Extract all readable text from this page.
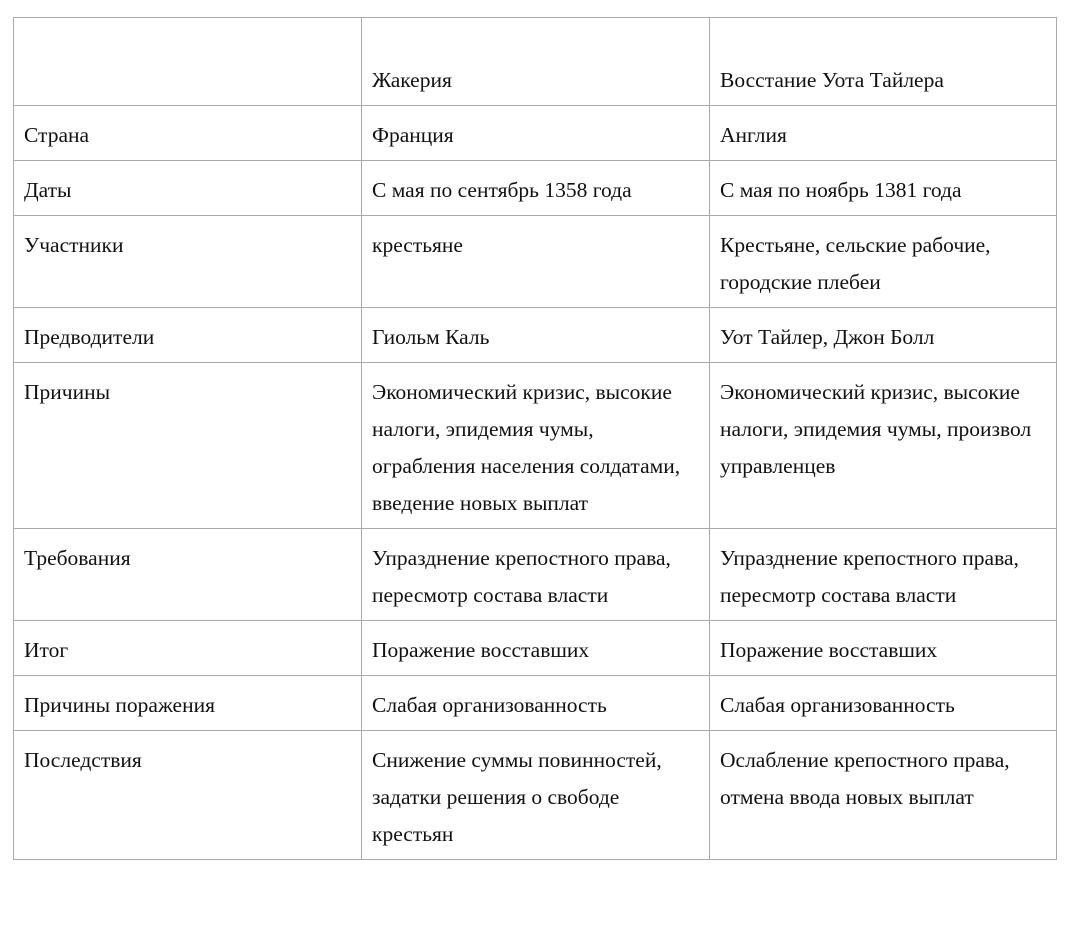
	Жакерия	Восстание Уота Тайлера
Страна	Франция	Англия
Даты	С мая по сентябрь 1358 года	С мая по ноябрь 1381 года
Участники	крестьяне	Крестьяне, сельские рабочие, городские плебеи
Предводители	Гиольм Каль	Уот Тайлер, Джон Болл
Причины	Экономический кризис, высокие налоги, эпидемия чумы, ограбления населения солдатами, введение новых выплат	Экономический кризис, высокие налоги, эпидемия чумы, произвол управленцев
Требования	Упразднение крепостного права, пересмотр состава власти	Упразднение крепостного права, пересмотр состава власти
Итог	Поражение восставших	Поражение восставших
Причины поражения	Слабая организованность	Слабая организованность
Последствия	Снижение суммы повинностей, задатки решения о свободе крестьян	Ослабление крепостного права, отмена ввода новых выплат
